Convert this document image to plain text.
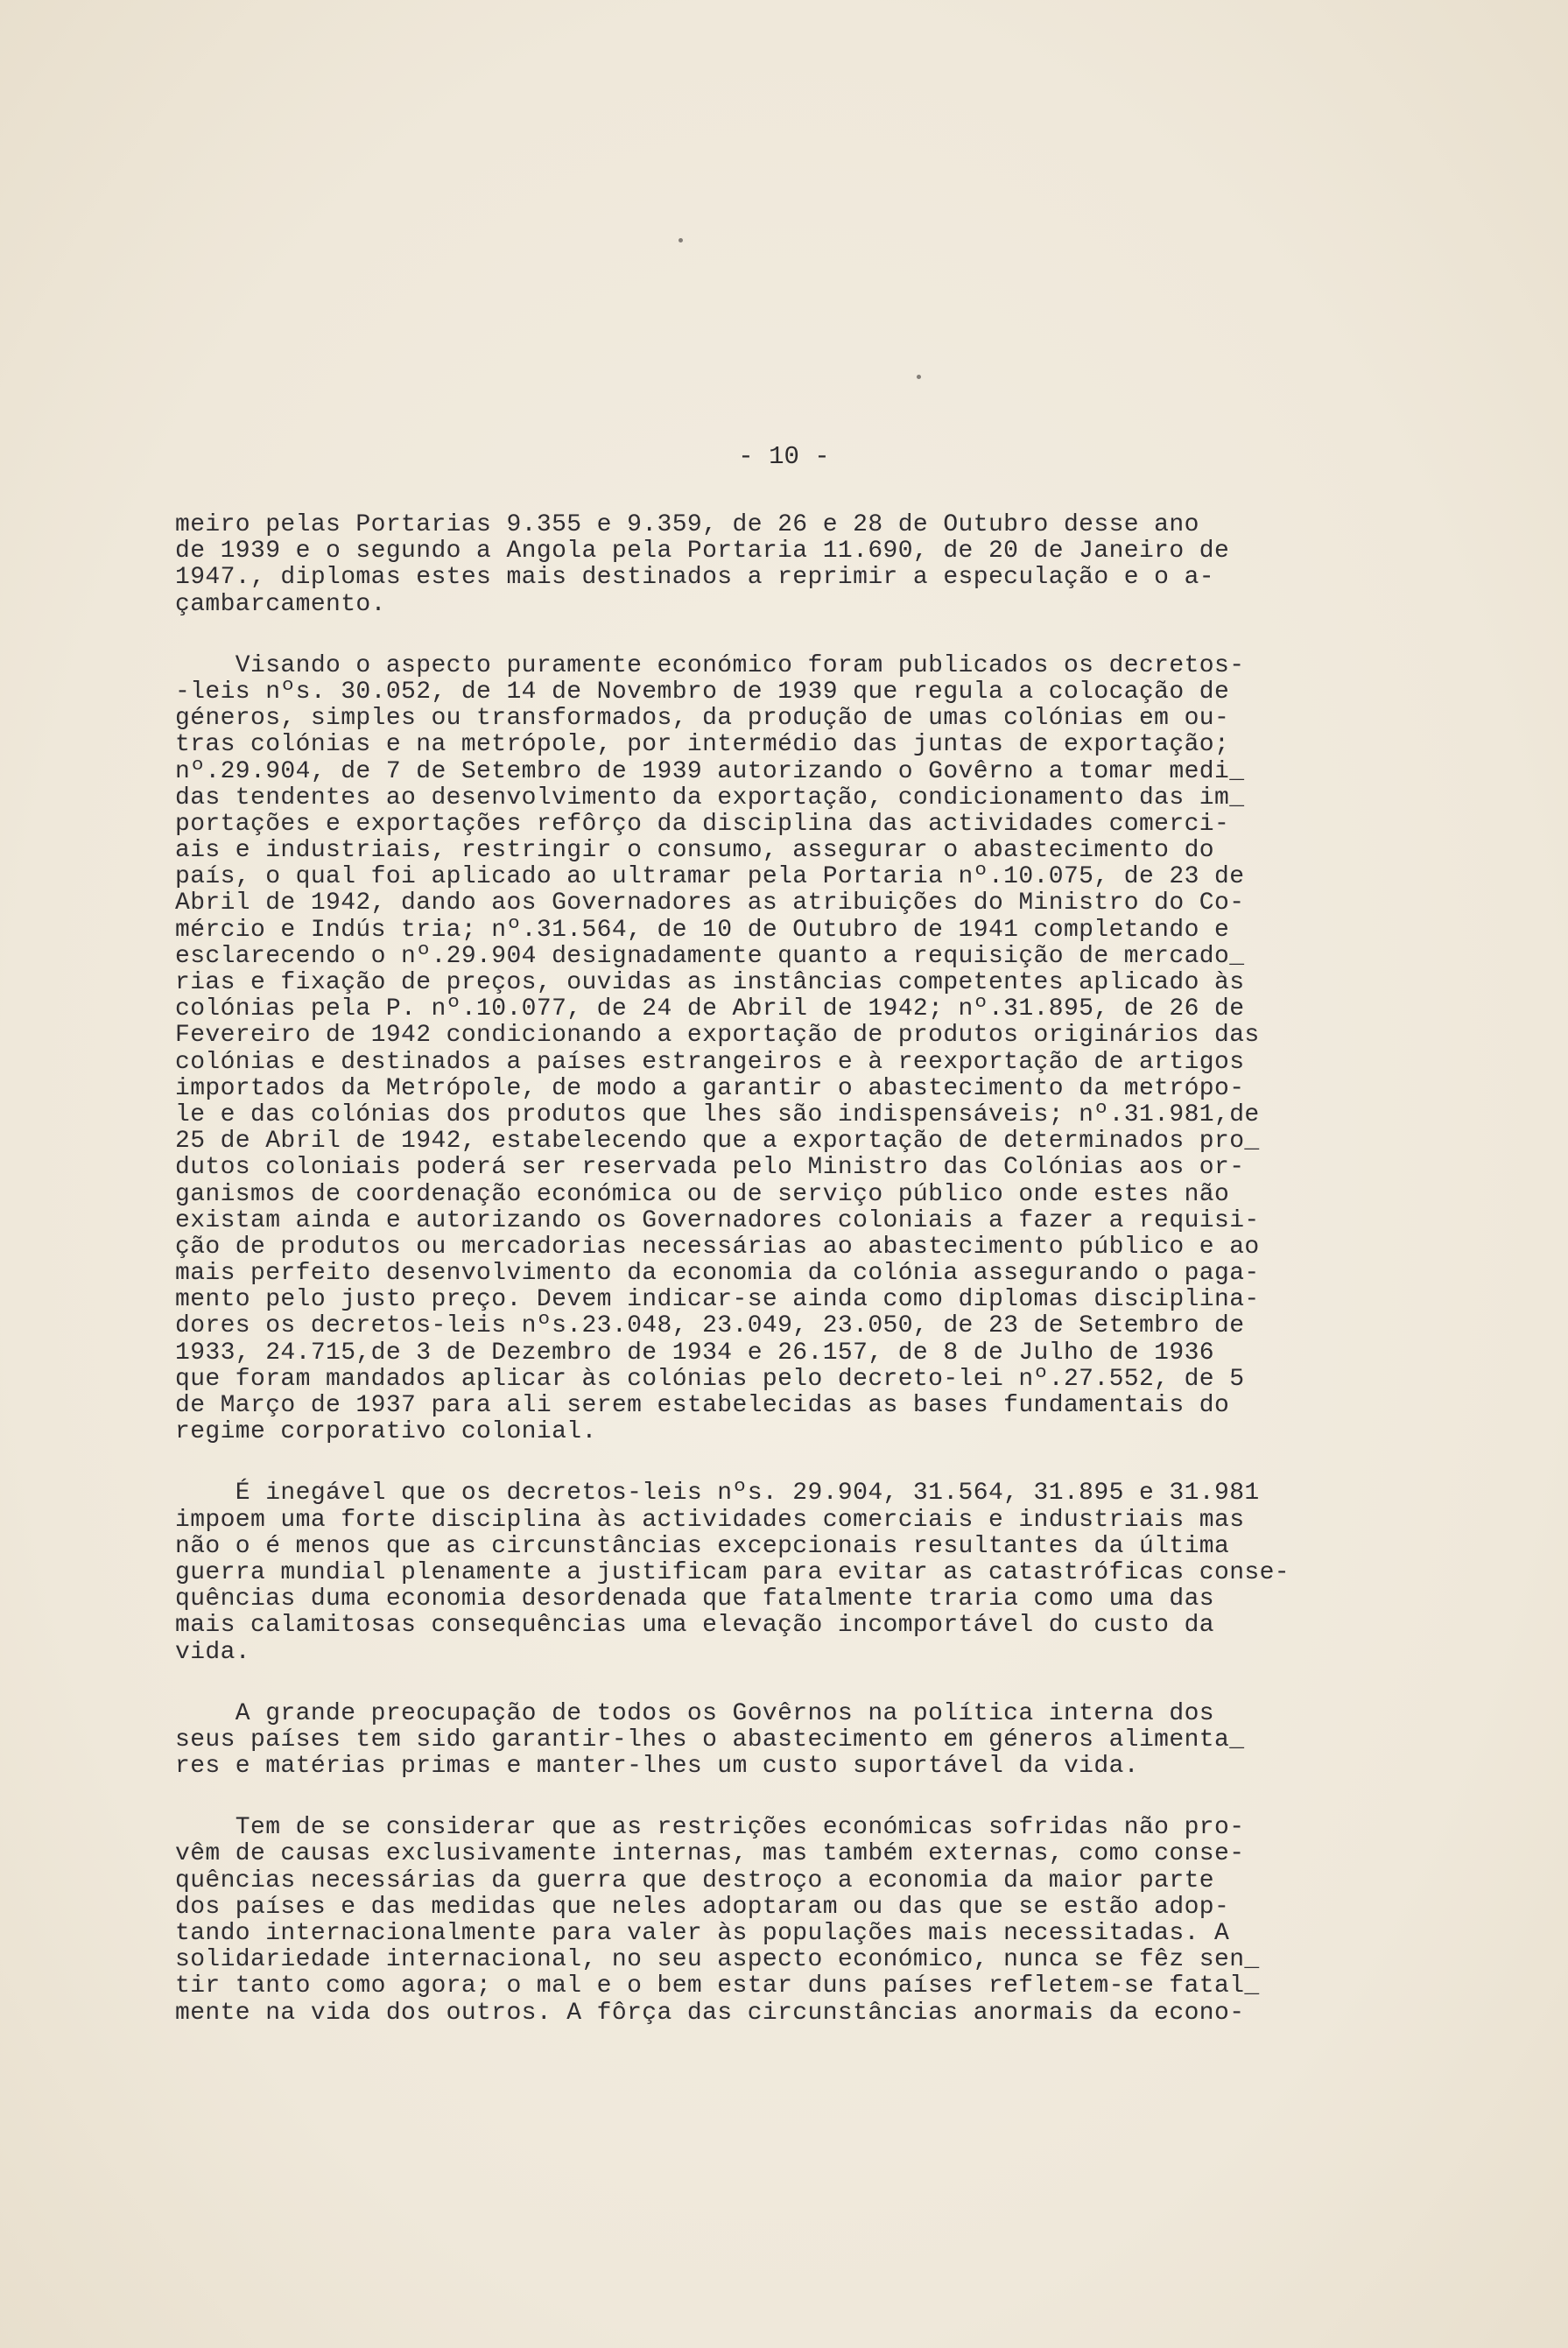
- 10 -
meiro pelas Portarias 9.355 e 9.359, de 26 e 28 de Outubro desse ano
de 1939 e o segundo a Angola pela Portaria 11.690, de 20 de Janeiro de
1947., diplomas estes mais destinados a reprimir a especulação e o a-
çambarcamento.
Visando o aspecto puramente económico foram publicados os decretos-
-leis nºs. 30.052, de 14 de Novembro de 1939 que regula a colocação de
géneros, simples ou transformados, da produção de umas colónias em ou-
tras colónias e na metrópole, por intermédio das juntas de exportação;
nº.29.904, de 7 de Setembro de 1939 autorizando o Govêrno a tomar medi_
das tendentes ao desenvolvimento da exportação, condicionamento das im_
portações e exportações refôrço da disciplina das actividades comerci-
ais e industriais, restringir o consumo, assegurar o abastecimento do
país, o qual foi aplicado ao ultramar pela Portaria nº.10.075, de 23 de
Abril de 1942, dando aos Governadores as atribuições do Ministro do Co-
mércio e Indús tria; nº.31.564, de 10 de Outubro de 1941 completando e
esclarecendo o nº.29.904 designadamente quanto a requisição de mercado_
rias e fixação de preços, ouvidas as instâncias competentes aplicado às
colónias pela P. nº.10.077, de 24 de Abril de 1942; nº.31.895, de 26 de
Fevereiro de 1942 condicionando a exportação de produtos originários das
colónias e destinados a países estrangeiros e à reexportação de artigos
importados da Metrópole, de modo a garantir o abastecimento da metrópo-
le e das colónias dos produtos que lhes são indispensáveis; nº.31.981,de
25 de Abril de 1942, estabelecendo que a exportação de determinados pro_
dutos coloniais poderá ser reservada pelo Ministro das Colónias aos or-
ganismos de coordenação económica ou de serviço público onde estes não
existam ainda e autorizando os Governadores coloniais a fazer a requisi-
ção de produtos ou mercadorias necessárias ao abastecimento público e ao
mais perfeito desenvolvimento da economia da colónia assegurando o paga-
mento pelo justo preço. Devem indicar-se ainda como diplomas disciplina-
dores os decretos-leis nºs.23.048, 23.049, 23.050, de 23 de Setembro de
1933, 24.715,de 3 de Dezembro de 1934 e 26.157, de 8 de Julho de 1936
que foram mandados aplicar às colónias pelo decreto-lei nº.27.552, de 5
de Março de 1937 para ali serem estabelecidas as bases fundamentais do
regime corporativo colonial.
É inegável que os decretos-leis nºs. 29.904, 31.564, 31.895 e 31.981
impoem uma forte disciplina às actividades comerciais e industriais mas
não o é menos que as circunstâncias excepcionais resultantes da última
guerra mundial plenamente a justificam para evitar as catastróficas conse-
quências duma economia desordenada que fatalmente traria como uma das
mais calamitosas consequências uma elevação incomportável do custo da
vida.
A grande preocupação de todos os Govêrnos na política interna dos
seus países tem sido garantir-lhes o abastecimento em géneros alimenta_
res e matérias primas e manter-lhes um custo suportável da vida.
Tem de se considerar que as restrições económicas sofridas não pro-
vêm de causas exclusivamente internas, mas também externas, como conse-
quências necessárias da guerra que destroço a economia da maior parte
dos países e das medidas que neles adoptaram ou das que se estão adop-
tando internacionalmente para valer às populações mais necessitadas. A
solidariedade internacional, no seu aspecto económico, nunca se fêz sen_
tir tanto como agora; o mal e o bem estar duns países refletem-se fatal_
mente na vida dos outros. A fôrça das circunstâncias anormais da econo-
